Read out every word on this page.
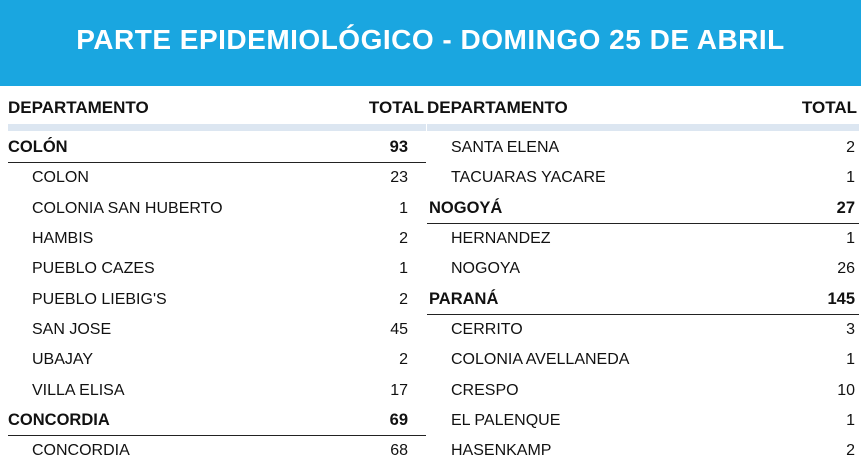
PARTE EPIDEMIOLÓGICO - DOMINGO 25 DE ABRIL
DEPARTAMENTO	TOTAL
COLÓN	93
COLON	23
COLONIA SAN HUBERTO	1
HAMBIS	2
PUEBLO CAZES	1
PUEBLO LIEBIG'S	2
SAN JOSE	45
UBAJAY	2
VILLA ELISA	17
CONCORDIA	69
CONCORDIA	68
DEPARTAMENTO	TOTAL
SANTA ELENA	2
TACUARAS YACARE	1
NOGOYÁ	27
HERNANDEZ	1
NOGOYA	26
PARANÁ	145
CERRITO	3
COLONIA AVELLANEDA	1
CRESPO	10
EL PALENQUE	1
HASENKAMP	2
